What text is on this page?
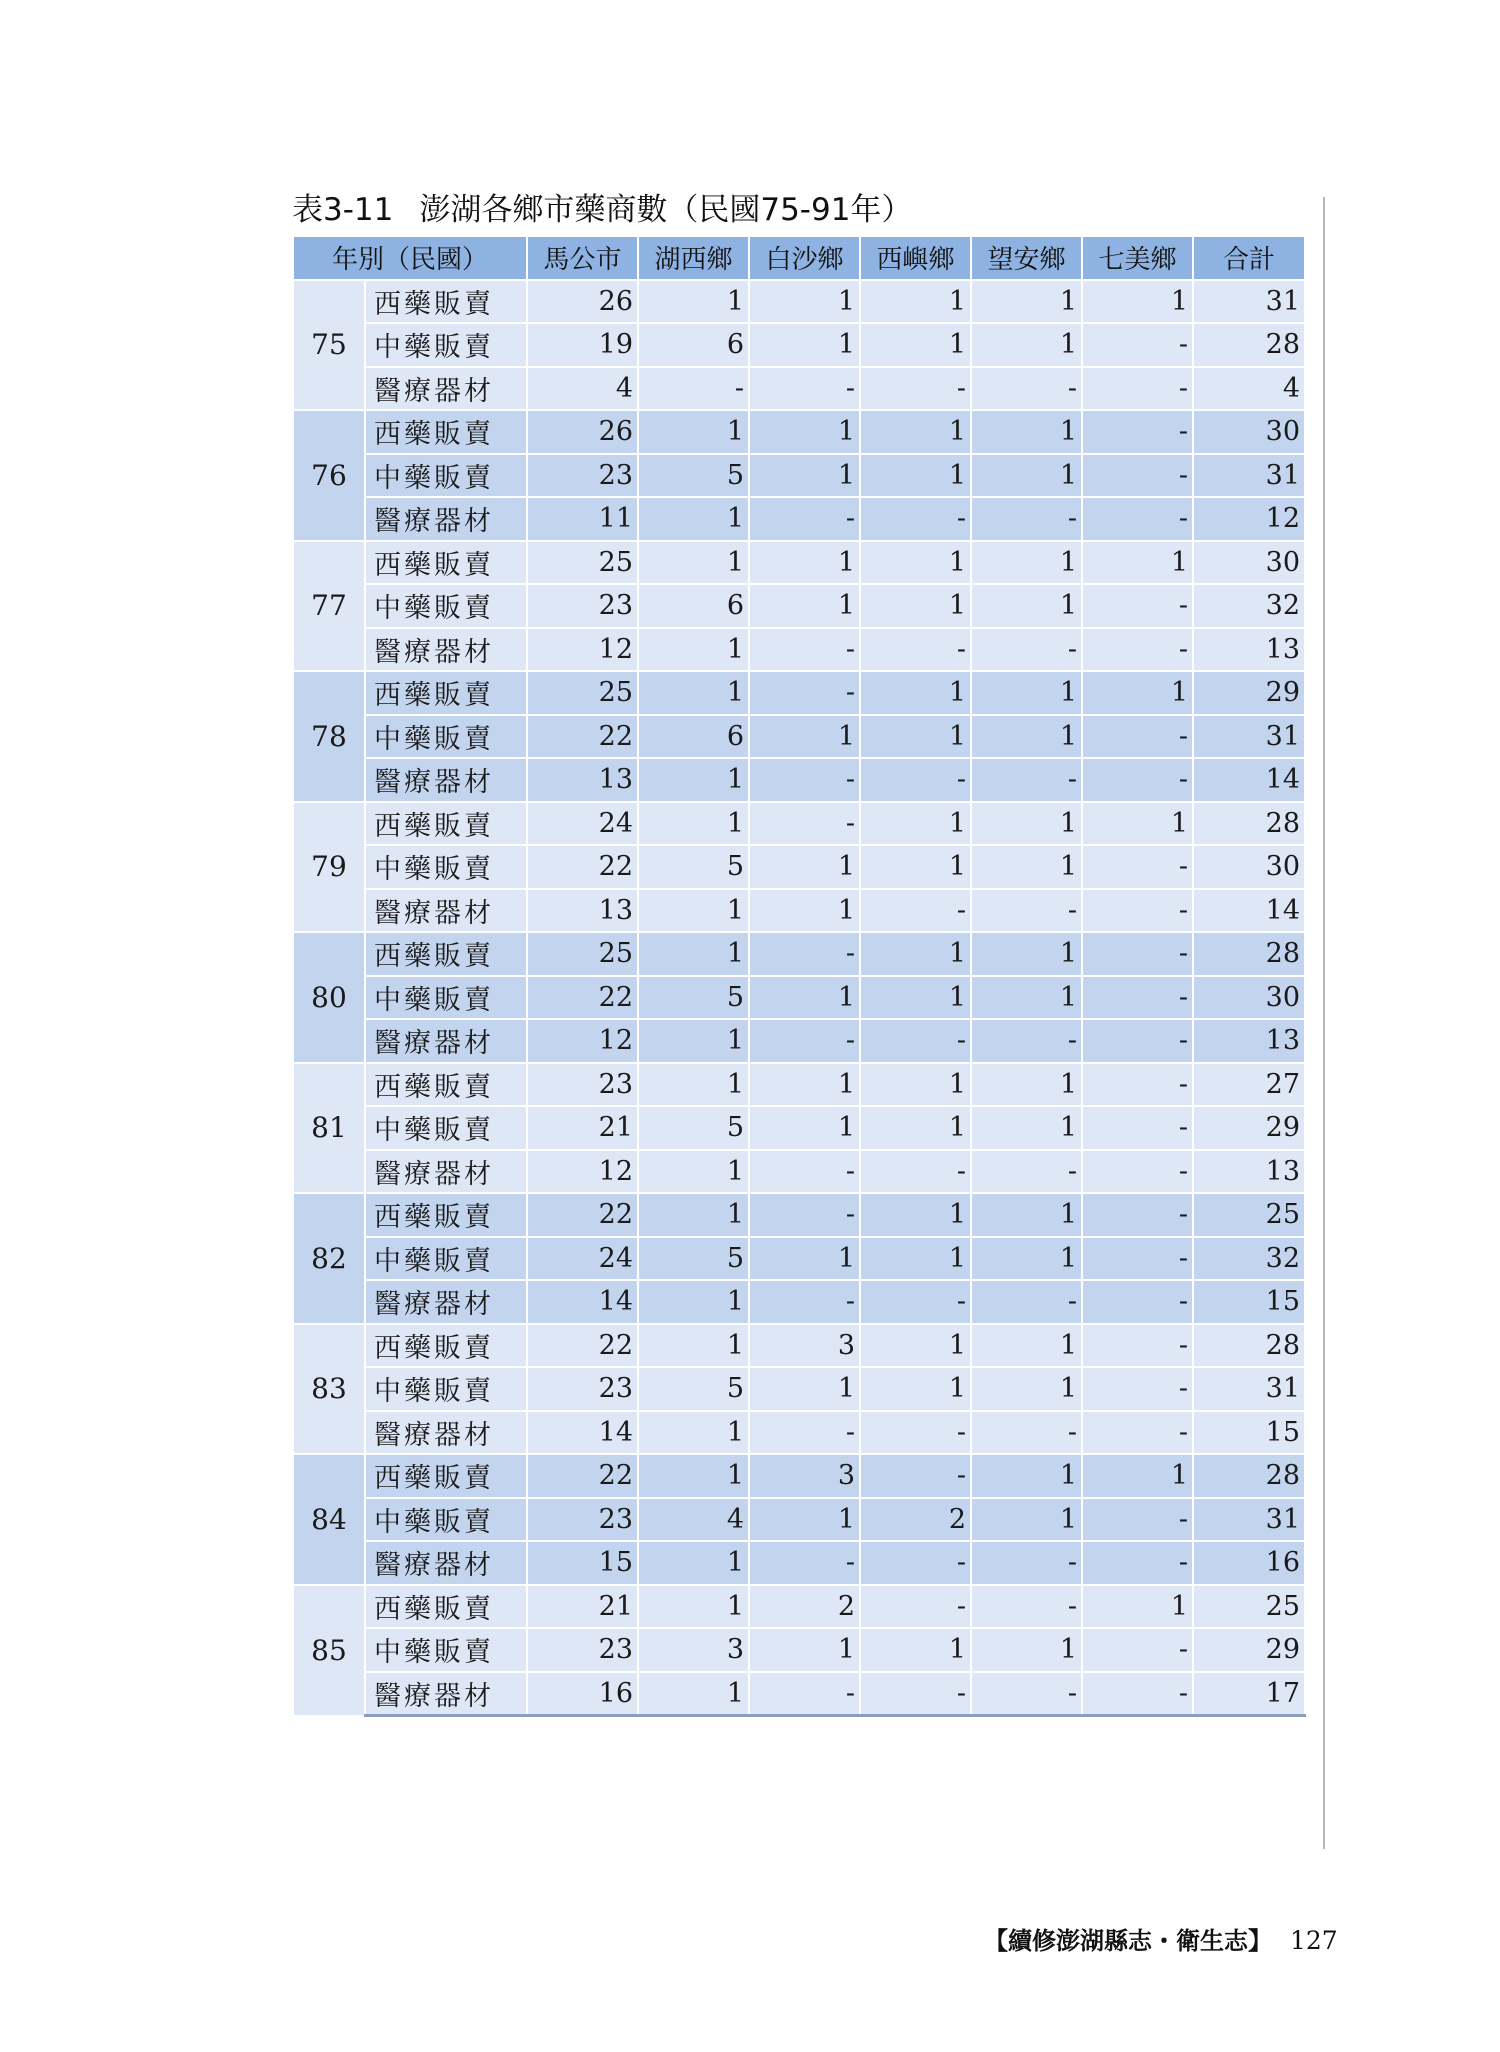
表3-11 澎湖各鄉市藥商數（民國75-91年）
年別（民國）		馬公市	湖西鄉	白沙鄉	西嶼鄉	望安鄉	七美鄉	合計
75	西藥販賣	26	1	1	1	1	1	31
	中藥販賣	19	6	1	1	1	-	28
	醫療器材	4	-	-	-	-	-	4
76	西藥販賣	26	1	1	1	1	-	30
	中藥販賣	23	5	1	1	1	-	31
	醫療器材	11	1	-	-	-	-	12
77	西藥販賣	25	1	1	1	1	1	30
	中藥販賣	23	6	1	1	1	-	32
	醫療器材	12	1	-	-	-	-	13
78	西藥販賣	25	1	-	1	1	1	29
	中藥販賣	22	6	1	1	1	-	31
	醫療器材	13	1	-	-	-	-	14
79	西藥販賣	24	1	-	1	1	1	28
	中藥販賣	22	5	1	1	1	-	30
	醫療器材	13	1	1	-	-	-	14
80	西藥販賣	25	1	-	1	1	-	28
	中藥販賣	22	5	1	1	1	-	30
	醫療器材	12	1	-	-	-	-	13
81	西藥販賣	23	1	1	1	1	-	27
	中藥販賣	21	5	1	1	1	-	29
	醫療器材	12	1	-	-	-	-	13
82	西藥販賣	22	1	-	1	1	-	25
	中藥販賣	24	5	1	1	1	-	32
	醫療器材	14	1	-	-	-	-	15
83	西藥販賣	22	1	3	1	1	-	28
	中藥販賣	23	5	1	1	1	-	31
	醫療器材	14	1	-	-	-	-	15
84	西藥販賣	22	1	3	-	1	1	28
	中藥販賣	23	4	1	2	1	-	31
	醫療器材	15	1	-	-	-	-	16
85	西藥販賣	21	1	2	-	-	1	25
	中藥販賣	23	3	1	1	1	-	29
	醫療器材	16	1	-	-	-	-	17
【續修澎湖縣志・衛生志】 127
